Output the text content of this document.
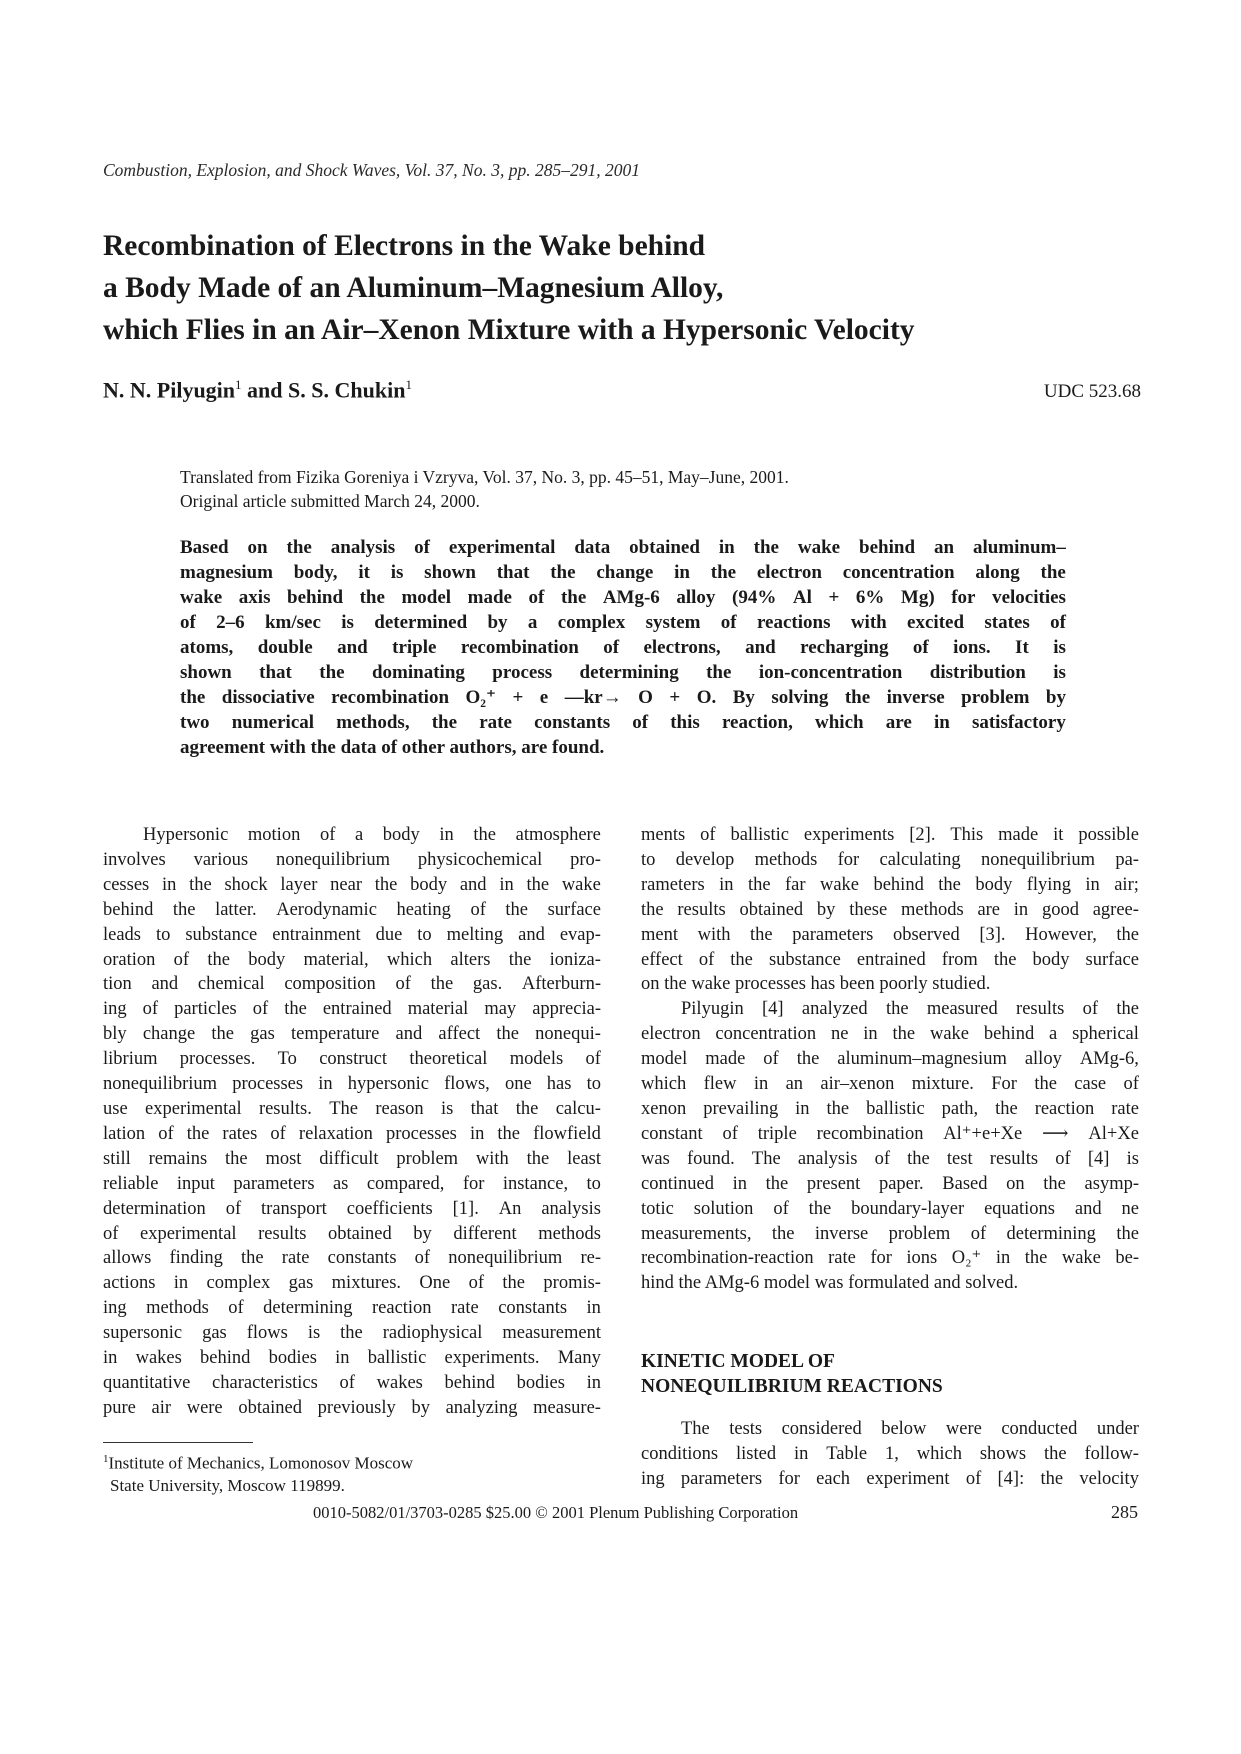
Combustion, Explosion, and Shock Waves, Vol. 37, No. 3, pp. 285–291, 2001
Recombination of Electrons in the Wake behind
a Body Made of an Aluminum–Magnesium Alloy,
which Flies in an Air–Xenon Mixture with a Hypersonic Velocity
N. N. Pilyugin$^1$ and S. S. Chukin$^1$	UDC 523.68
Translated from Fizika Goreniya i Vzryva, Vol. 37, No. 3, pp. 45–51, May–June, 2001.
Original article submitted March 24, 2000.
Based on the analysis of experimental data obtained in the wake behind an aluminum–
magnesium body, it is shown that the change in the electron concentration along the
wake axis behind the model made of the AMg-6 alloy (94% Al + 6% Mg) for velocities
of 2–6 km/sec is determined by a complex system of reactions with excited states of
atoms, double and triple recombination of electrons, and recharging of ions. It is
shown that the dominating process determining the ion-concentration distribution is
the dissociative recombination O₂⁺ + e —kr→ O + O. By solving the inverse problem by
two numerical methods, the rate constants of this reaction, which are in satisfactory
agreement with the data of other authors, are found.
Hypersonic motion of a body in the atmosphere
involves various nonequilibrium physicochemical pro-
cesses in the shock layer near the body and in the wake
behind the latter. Aerodynamic heating of the surface
leads to substance entrainment due to melting and evap-
oration of the body material, which alters the ioniza-
tion and chemical composition of the gas. Afterburn-
ing of particles of the entrained material may apprecia-
bly change the gas temperature and affect the nonequi-
librium processes. To construct theoretical models of
nonequilibrium processes in hypersonic flows, one has to
use experimental results. The reason is that the calcu-
lation of the rates of relaxation processes in the flowfield
still remains the most difficult problem with the least
reliable input parameters as compared, for instance, to
determination of transport coefficients [1]. An analysis
of experimental results obtained by different methods
allows finding the rate constants of nonequilibrium re-
actions in complex gas mixtures. One of the promis-
ing methods of determining reaction rate constants in
supersonic gas flows is the radiophysical measurement
in wakes behind bodies in ballistic experiments. Many
quantitative characteristics of wakes behind bodies in
pure air were obtained previously by analyzing measure-
ments of ballistic experiments [2]. This made it possible
to develop methods for calculating nonequilibrium pa-
rameters in the far wake behind the body flying in air;
the results obtained by these methods are in good agree-
ment with the parameters observed [3]. However, the
effect of the substance entrained from the body surface
on the wake processes has been poorly studied.
Pilyugin [4] analyzed the measured results of the
electron concentration ne in the wake behind a spherical
model made of the aluminum–magnesium alloy AMg-6,
which flew in an air–xenon mixture. For the case of
xenon prevailing in the ballistic path, the reaction rate
constant of triple recombination Al⁺+e+Xe ⟶ Al+Xe
was found. The analysis of the test results of [4] is
continued in the present paper. Based on the asymp-
totic solution of the boundary-layer equations and ne
measurements, the inverse problem of determining the
recombination-reaction rate for ions O₂⁺ in the wake be-
hind the AMg-6 model was formulated and solved.
KINETIC MODEL OF
NONEQUILIBRIUM REACTIONS
The tests considered below were conducted under
conditions listed in Table 1, which shows the follow-
ing parameters for each experiment of [4]: the velocity
$^1$Institute of Mechanics, Lomonosov Moscow
State University, Moscow 119899.
0010-5082/01/3703-0285 $25.00 © 2001 Plenum Publishing Corporation	285
